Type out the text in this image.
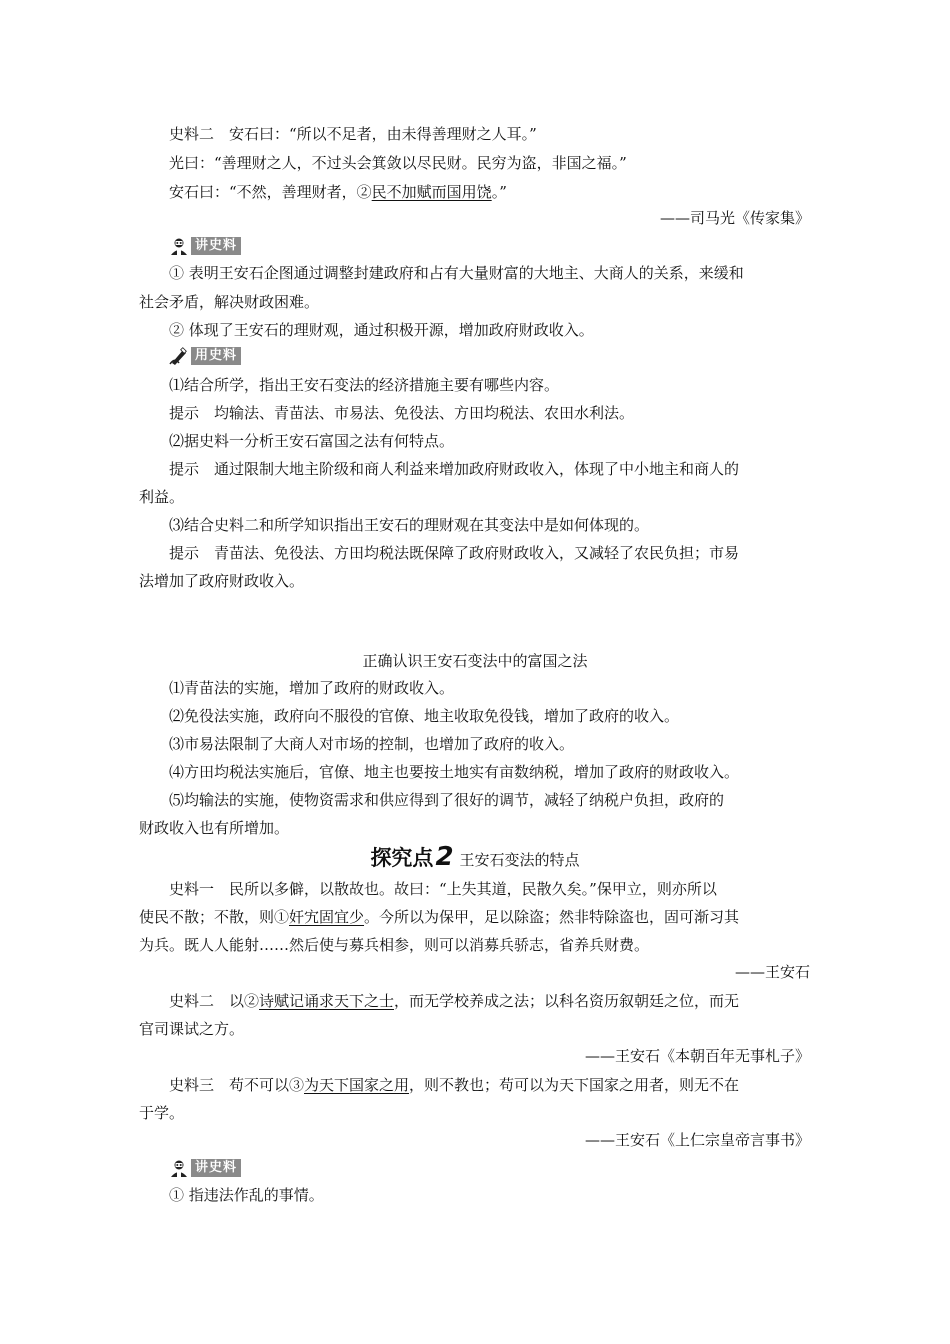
史料二　安石曰：“所以不足者，由未得善理财之人耳。”
光曰：“善理财之人，不过头会箕敛以尽民财。民穷为盗，非国之福。”
安石曰：“不然，善理财者，②民不加赋而国用饶。”
——司马光《传家集》
讲史料
① 表明王安石企图通过调整封建政府和占有大量财富的大地主、大商人的关系，来缓和
社会矛盾，解决财政困难。
② 体现了王安石的理财观，通过积极开源，增加政府财政收入。
用史料
⑴结合所学，指出王安石变法的经济措施主要有哪些内容。
提示　均输法、青苗法、市易法、免役法、方田均税法、农田水利法。
⑵据史料一分析王安石富国之法有何特点。
提示　通过限制大地主阶级和商人利益来增加政府财政收入，体现了中小地主和商人的
利益。
⑶结合史料二和所学知识指出王安石的理财观在其变法中是如何体现的。
提示　青苗法、免役法、方田均税法既保障了政府财政收入，又减轻了农民负担；市易
法增加了政府财政收入。
正确认识王安石变法中的富国之法
⑴青苗法的实施，增加了政府的财政收入。
⑵免役法实施，政府向不服役的官僚、地主收取免役钱，增加了政府的收入。
⑶市易法限制了大商人对市场的控制，也增加了政府的收入。
⑷方田均税法实施后，官僚、地主也要按土地实有亩数纳税，增加了政府的财政收入。
⑸均输法的实施，使物资需求和供应得到了很好的调节，减轻了纳税户负担，政府的
财政收入也有所增加。
探究点2 王安石变法的特点
史料一　民所以多僻，以散故也。故曰：“上失其道，民散久矣。”保甲立，则亦所以
使民不散；不散，则①奸宄固宜少。今所以为保甲，足以除盗；然非特除盗也，固可渐习其
为兵。既人人能射……然后使与募兵相参，则可以消募兵骄志，省养兵财费。
——王安石
史料二　以②诗赋记诵求天下之士，而无学校养成之法；以科名资历叙朝廷之位，而无
官司课试之方。
——王安石《本朝百年无事札子》
史料三　苟不可以③为天下国家之用，则不教也；苟可以为天下国家之用者，则无不在
于学。
——王安石《上仁宗皇帝言事书》
讲史料
① 指违法作乱的事情。
